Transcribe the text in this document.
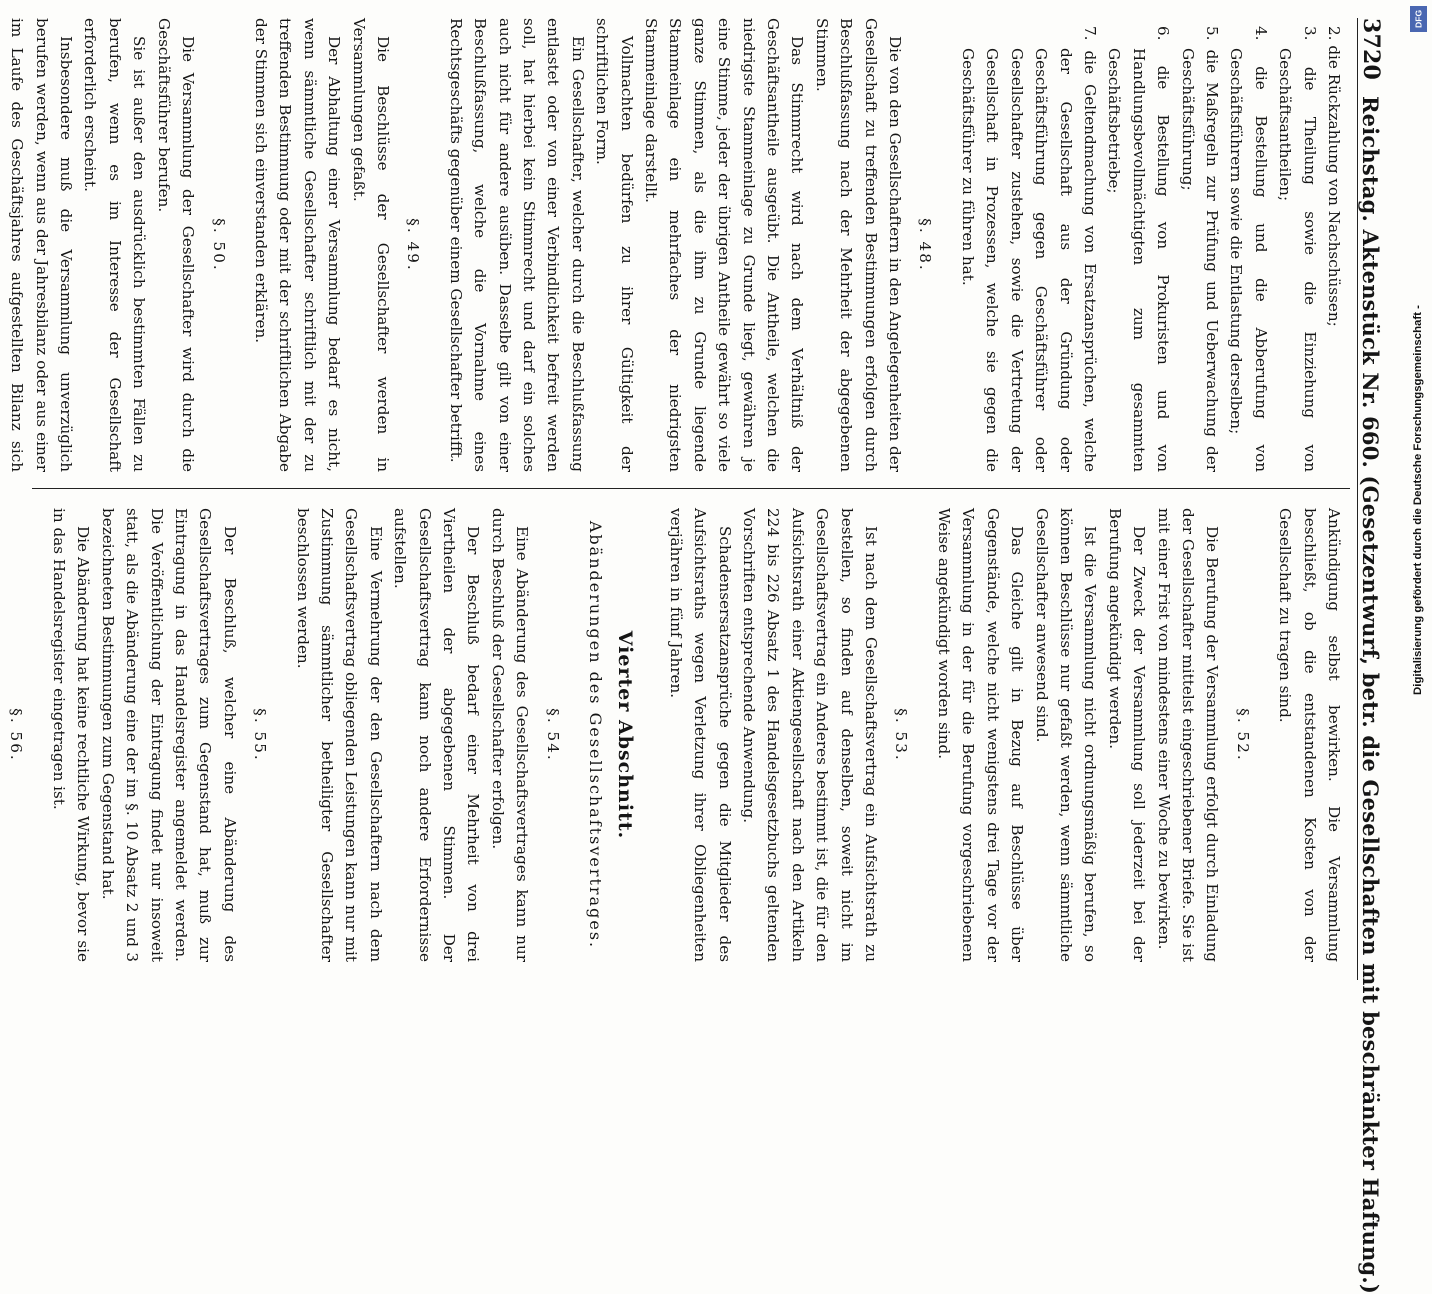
3720
Reichstag. Aktenstück Nr. 660. (Gesetzentwurf, betr. die Gesellschaften mit beschränkter Haftung.)

2. die Rückzahlung von Nachschüssen;

3. die Theilung sowie die Einziehung von Geschäftsantheilen;

4. die Bestellung und die Abberufung von Geschäftsführern sowie die Entlastung derselben;

5. die Maßregeln zur Prüfung und Ueberwachung der Geschäftsführung;

6. die Bestellung von Prokuristen und von Handlungsbevollmächtigten zum gesammten Geschäftsbetriebe;

7. die Geltendmachung von Ersatzansprüchen, welche der Gesellschaft aus der Gründung oder Geschäftsführung gegen Geschäftsführer oder Gesellschafter zustehen, sowie die Vertretung der Gesellschaft in Prozessen, welche sie gegen die Geschäftsführer zu führen hat.

§. 48.

Die von den Gesellschaftern in den Angelegenheiten der Gesellschaft zu treffenden Bestimmungen erfolgen durch Beschlußfassung nach der Mehrheit der abgegebenen Stimmen.

Das Stimmrecht wird nach dem Verhältniß der Geschäftsantheile ausgeübt. Die Antheile, welchen die niedrigste Stammeinlage zu Grunde liegt, gewähren je eine Stimme, jeder der übrigen Antheile gewährt so viele ganze Stimmen, als die ihm zu Grunde liegende Stammeinlage ein mehrfaches der niedrigsten Stammeinlage darstellt.

Vollmachten bedürfen zu ihrer Gültigkeit der schriftlichen Form.

Ein Gesellschafter, welcher durch die Beschlußfassung entlastet oder von einer Verbindlichkeit befreit werden soll, hat hierbei kein Stimmrecht und darf ein solches auch nicht für andere ausüben. Dasselbe gilt von einer Beschlußfassung, welche die Vornahme eines Rechtsgeschäfts gegenüber einem Gesellschafter betrifft.

§. 49.

Die Beschlüsse der Gesellschafter werden in Versammlungen gefaßt.

Der Abhaltung einer Versammlung bedarf es nicht, wenn sämmtliche Gesellschafter schriftlich mit der zu treffenden Bestimmung oder mit der schriftlichen Abgabe der Stimmen sich einverstanden erklären.

§. 50.

Die Versammlung der Gesellschafter wird durch die Geschäftsführer berufen.

Sie ist außer den ausdrücklich bestimmten Fällen zu berufen, wenn es im Interesse der Gesellschaft erforderlich erscheint.

Insbesondere muß die Versammlung unverzüglich berufen werden, wenn aus der Jahresbilanz oder aus einer im Laufe des Geschäftsjahres aufgestellten Bilanz sich

Ankündigung selbst bewirken. Die Versammlung beschließt, ob die entstandenen Kosten von der Gesellschaft zu tragen sind.

§. 52.

Die Berufung der Versammlung erfolgt durch Einladung der Gesellschafter mittelst eingeschriebener Briefe. Sie ist mit einer Frist von mindestens einer Woche zu bewirken.

Der Zweck der Versammlung soll jederzeit bei der Berufung angekündigt werden.

Ist die Versammlung nicht ordnungsmäßig berufen, so können Beschlüsse nur gefaßt werden, wenn sämmtliche Gesellschafter anwesend sind.

Das Gleiche gilt in Bezug auf Beschlüsse über Gegenstände, welche nicht wenigstens drei Tage vor der Versammlung in der für die Berufung vorgeschriebenen Weise angekündigt worden sind.

§. 53.

Ist nach dem Gesellschaftsvertrag ein Aufsichtsrath zu bestellen, so finden auf denselben, soweit nicht im Gesellschaftsvertrag ein Anderes bestimmt ist, die für den Aufsichtsrath einer Aktiengesellschaft nach den Artikeln 224 bis 226 Absatz 1 des Handelsgesetzbuchs geltenden Vorschriften entsprechende Anwendung.

Schadensersatzansprüche gegen die Mitglieder des Aufsichtsraths wegen Verletzung ihrer Obliegenheiten verjähren in fünf Jahren.

Vierter Abschnitt.
Abänderungen des Gesellschaftsvertrages.
§. 54.

Eine Abänderung des Gesellschaftsvertrages kann nur durch Beschluß der Gesellschafter erfolgen.

Der Beschluß bedarf einer Mehrheit von drei Viertheilen der abgegebenen Stimmen. Der Gesellschaftsvertrag kann noch andere Erfordernisse aufstellen.

Eine Vermehrung der den Gesellschaftern nach dem Gesellschaftsvertrag obliegenden Leistungen kann nur mit Zustimmung sämmtlicher betheiligter Gesellschafter beschlossen werden.

§. 55.

Der Beschluß, welcher eine Abänderung des Gesellschaftsvertrages zum Gegenstand hat, muß zur Eintragung in das Handelsregister angemeldet werden. Die Veröffentlichung der Eintragung findet nur insoweit statt, als die Abänderung eine der im §. 10 Absatz 2 und 3 bezeichneten Bestimmungen zum Gegenstand hat.

Die Abänderung hat keine rechtliche Wirkung, bevor sie in das Handelsregister eingetragen ist.

§. 56.

Digitalisierung gefördert durch die Deutsche Forschungsgemeinschaft -
DFG
